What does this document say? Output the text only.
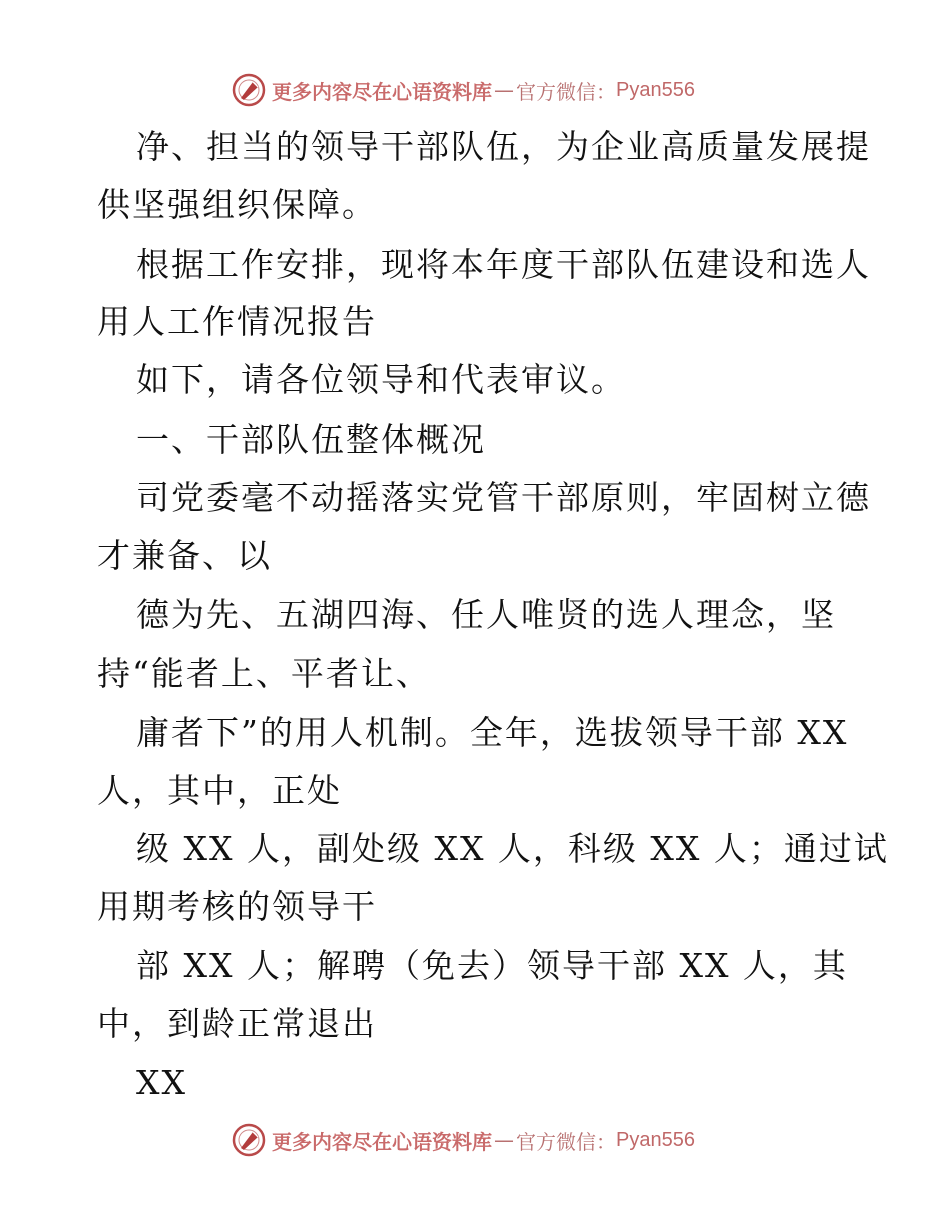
更多内容尽在心语资料库 — 官方微信： Pyan556
净、担当的领导干部队伍，为企业高质量发展提
供坚强组织保障。
根据工作安排，现将本年度干部队伍建设和选人
用人工作情况报告
如下，请各位领导和代表审议。
一、干部队伍整体概况
司党委毫不动摇落实党管干部原则，牢固树立德
才兼备、以
德为先、五湖四海、任人唯贤的选人理念，坚
持“能者上、平者让、
庸者下”的用人机制。全年，选拔领导干部 XX
人，其中，正处
级 XX 人，副处级 XX 人，科级 XX 人；通过试
用期考核的领导干
部 XX 人；解聘（免去）领导干部 XX 人，其
中，到龄正常退出
XX
更多内容尽在心语资料库 — 官方微信： Pyan556
